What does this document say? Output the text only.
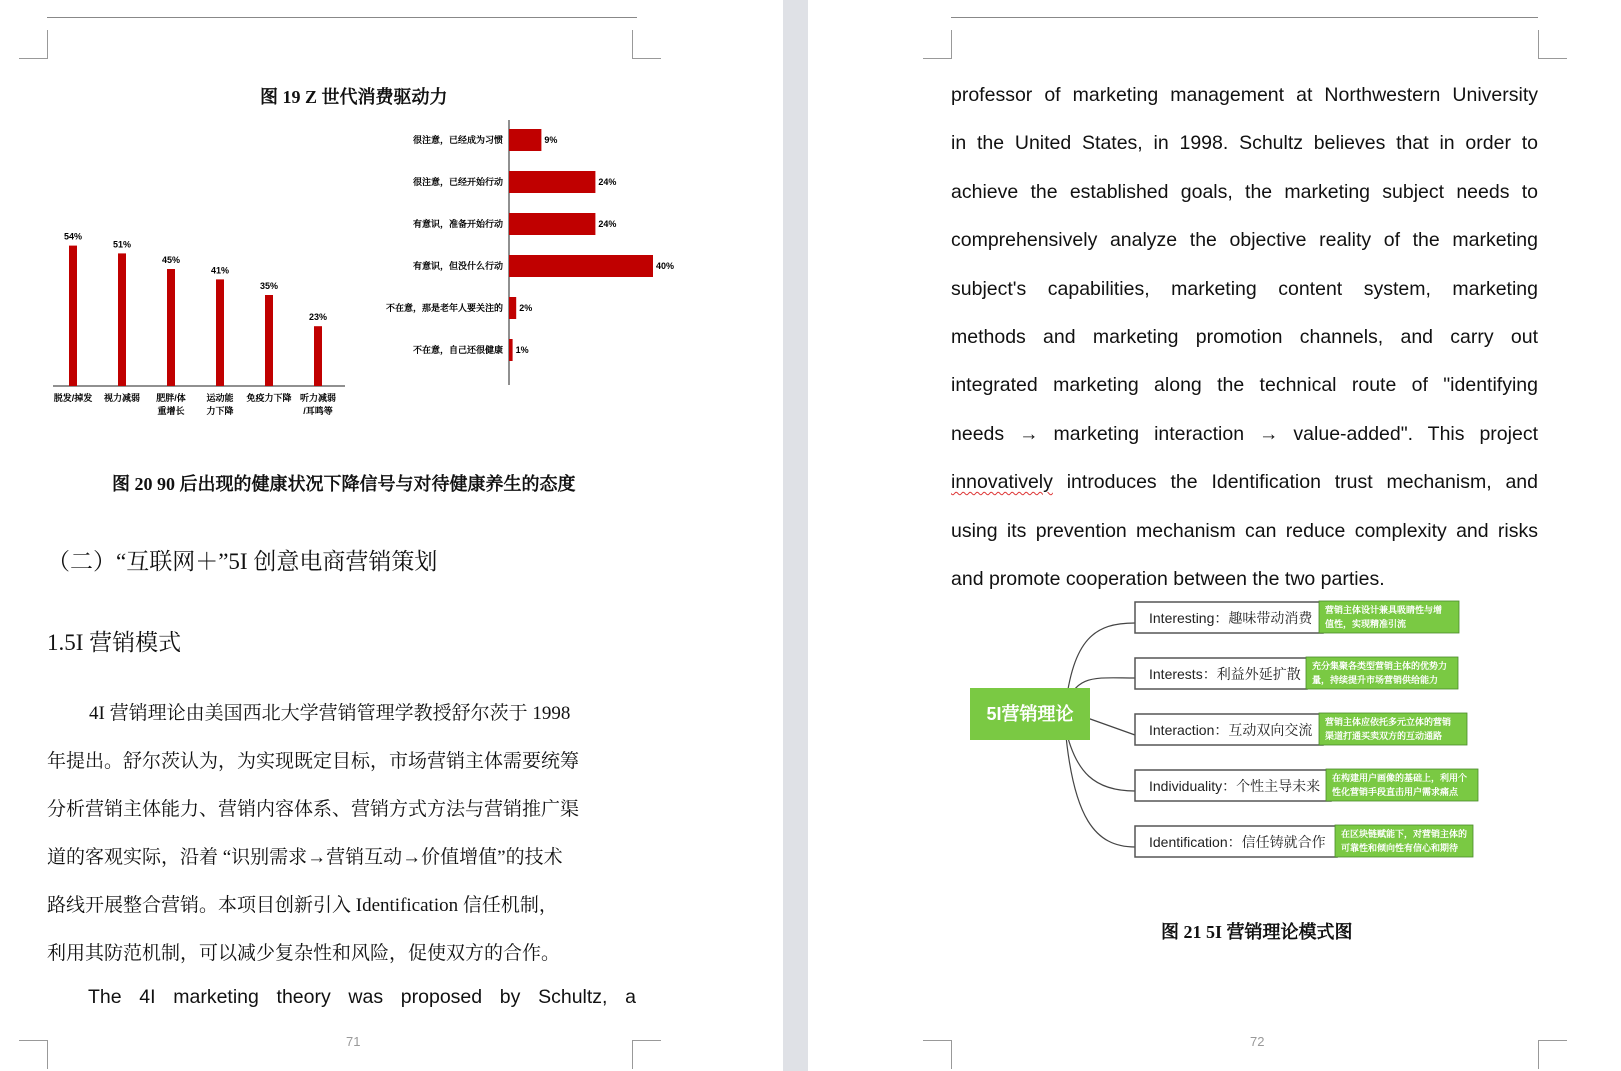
图 19 Z 世代消费驱动力
54%
脱发/掉发
51%
视力减弱
45%
肥胖/体
重增长
41%
运动能
力下降
35%
免疫力下降
23%
听力减弱
/耳鸣等
9%
很注意，已经成为习惯
24%
很注意，已经开始行动
24%
有意识，准备开始行动
40%
有意识，但没什么行动
2%
不在意，那是老年人要关注的
1%
不在意，自己还很健康
图 20 90 后出现的健康状况下降信号与对待健康养生的态度
（二）“互联网＋”5I 创意电商营销策划
1.5I 营销模式
4I 营销理论由美国西北大学营销管理学教授舒尔茨于 1998
年提出。舒尔茨认为，为实现既定目标，市场营销主体需要统筹
分析营销主体能力、营销内容体系、营销方式方法与营销推广渠
道的客观实际，沿着 “识别需求→营销互动→价值增值”的技术
路线开展整合营销。本项目创新引入 Identification 信任机制，
利用其防范机制，可以减少复杂性和风险，促使双方的合作。
The 4I marketing theory was proposed by Schultz, a
71
professor of marketing management at Northwestern University
in the United States, in 1998. Schultz believes that in order to
achieve the established goals, the marketing subject needs to
comprehensively analyze the objective reality of the marketing
subject's capabilities, marketing content system, marketing
methods and marketing promotion channels, and carry out
integrated marketing along the technical route of "identifying
needs → marketing interaction → value-added". This project
innovatively introduces the Identification trust mechanism, and
using its prevention mechanism can reduce complexity and risks
and promote cooperation between the two parties.
5I营销理论
Interesting：趣味带动消费 营销主体设计兼具吸睛性与增
值性，实现精准引流
Interests：利益外延扩散 充分集聚各类型营销主体的优势力
量，持续提升市场营销供给能力
Interaction：互动双向交流 营销主体应依托多元立体的营销
渠道打通买卖双方的互动通路
Individuality：个性主导未来 在构建用户画像的基础上，利用个
性化营销手段直击用户需求痛点
Identification：信任铸就合作 在区块链赋能下，对营销主体的
可靠性和倾向性有信心和期待
图 21 5I 营销理论模式图
72
